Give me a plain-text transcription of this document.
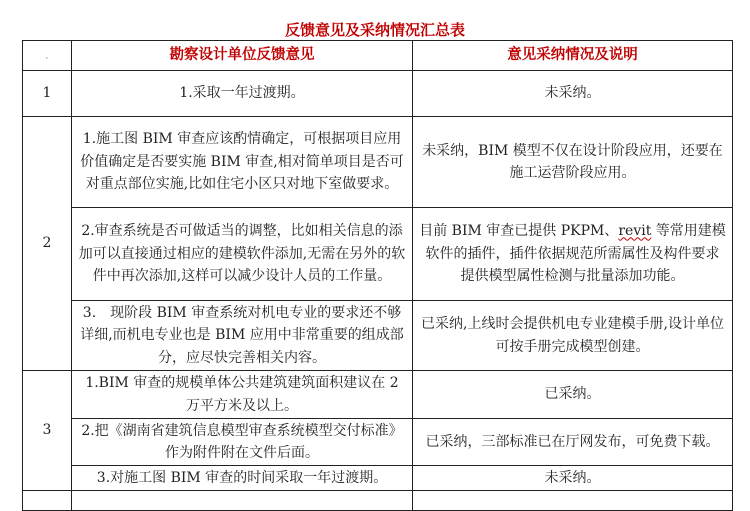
反馈意见及采纳情况汇总表
,	勘察设计单位反馈意见	意见采纳情况及说明
1	1.采取一年过渡期。	未采纳。
2	1.施工图 BIM 审查应该酌情确定，可根据项目应用价值确定是否要实施 BIM 审查,相对简单项目是否可对重点部位实施,比如住宅小区只对地下室做要求。	未采纳，BIM 模型不仅在设计阶段应用，还要在施工运营阶段应用。
	2.审查系统是否可做适当的调整，比如相关信息的添加可以直接通过相应的建模软件添加,无需在另外的软件中再次添加,这样可以减少设计人员的工作量。	目前 BIM 审查已提供 PKPM、revit 等常用建模软件的插件，插件依据规范所需属性及构件要求提供模型属性检测与批量添加功能。
	3.　现阶段 BIM 审查系统对机电专业的要求还不够详细,而机电专业也是 BIM 应用中非常重要的组成部分，应尽快完善相关内容。	已采纳,上线时会提供机电专业建模手册,设计单位可按手册完成模型创建。
3	1.BIM 审查的规模单体公共建筑建筑面积建议在 2 万平方米及以上。	已采纳。
	2.把《湖南省建筑信息模型审查系统模型交付标准》作为附件附在文件后面。	已采纳，三部标准已在厅网发布，可免费下载。
	3.对施工图 BIM 审查的时间采取一年过渡期。	未采纳。
